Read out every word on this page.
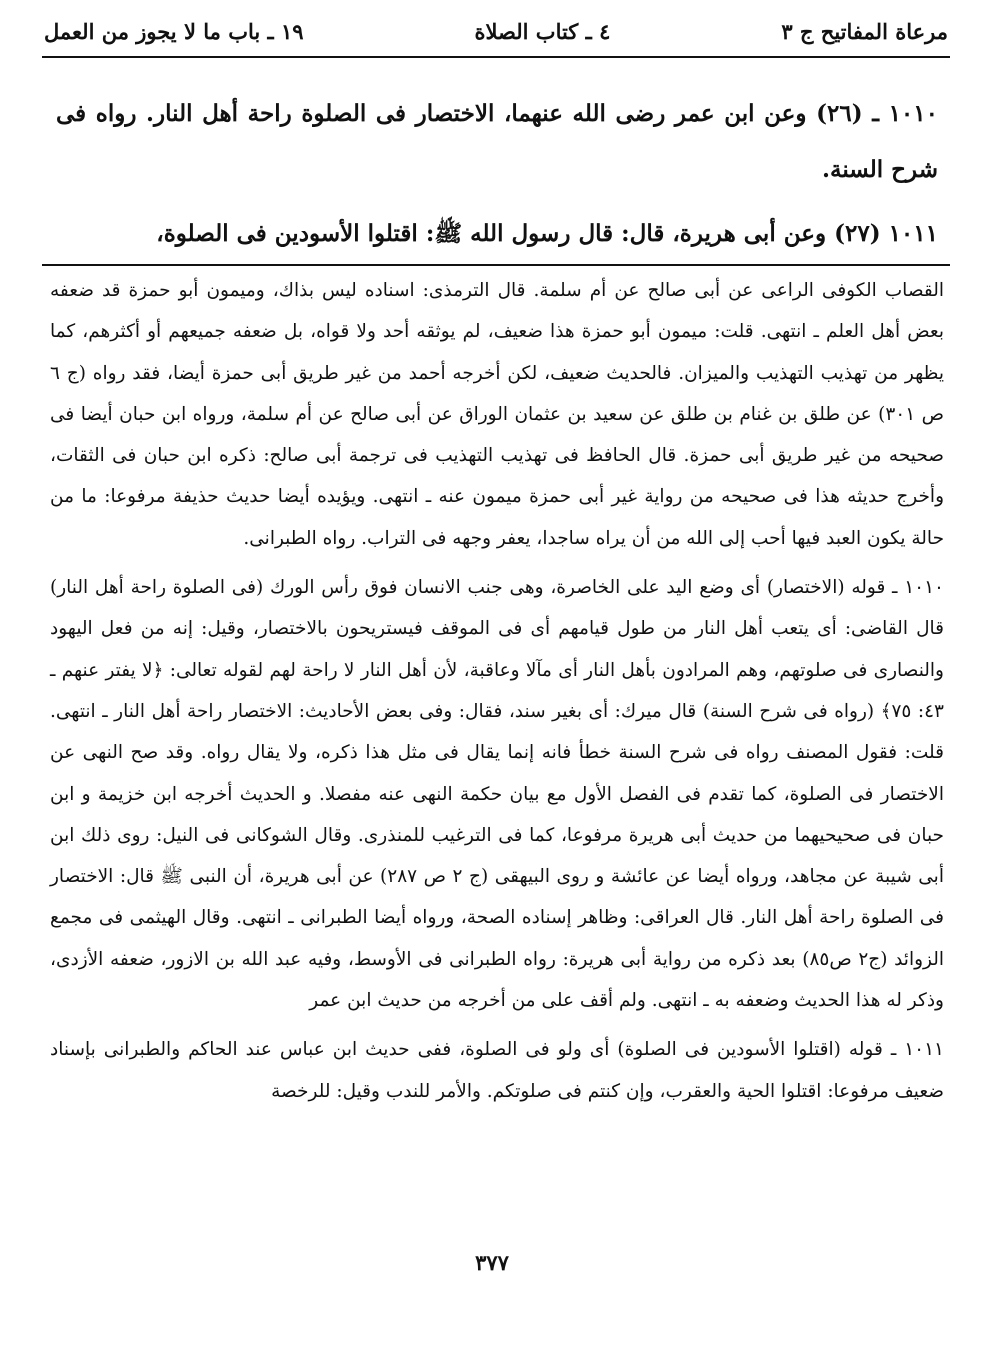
مرعاة المفاتيح ج ٣
٤ ـ كتاب الصلاة
١٩ ـ باب ما لا يجوز من العمل
١٠١٠ ـ (٢٦) وعن ابن عمر رضى الله عنهما، الاختصار فى الصلوة راحة أهل النار. رواه فى شرح السنة.
١٠١١ (٢٧) وعن أبى هريرة، قال: قال رسول الله ﷺ: اقتلوا الأسودين فى الصلوة،

القصاب الكوفى الراعى عن أبى صالح عن أم سلمة. قال الترمذى: اسناده ليس بذاك، وميمون أبو حمزة قد ضعفه بعض أهل العلم ـ انتهى. قلت: ميمون أبو حمزة هذا ضعيف، لم يوثقه أحد ولا قواه، بل ضعفه جميعهم أو أكثرهم، كما يظهر من تهذيب التهذيب والميزان. فالحديث ضعيف، لكن أخرجه أحمد من غير طريق أبى حمزة أيضا، فقد رواه (ج ٦ ص ٣٠١) عن طلق بن غنام بن طلق عن سعيد بن عثمان الوراق عن أبى صالح عن أم سلمة، ورواه ابن حبان أيضا فى صحيحه من غير طريق أبى حمزة. قال الحافظ فى تهذيب التهذيب فى ترجمة أبى صالح: ذكره ابن حبان فى الثقات، وأخرج حديثه هذا فى صحيحه من رواية غير أبى حمزة ميمون عنه ـ انتهى. ويؤيده أيضا حديث حذيفة مرفوعا: ما من حالة يكون العبد فيها أحب إلى الله من أن يراه ساجدا، يعفر وجهه فى التراب. رواه الطبرانى.

١٠١٠ ـ قوله (الاختصار) أى وضع اليد على الخاصرة، وهى جنب الانسان فوق رأس الورك (فى الصلوة راحة أهل النار) قال القاضى: أى يتعب أهل النار من طول قيامهم أى فى الموقف فيستريحون بالاختصار، وقيل: إنه من فعل اليهود والنصارى فى صلوتهم، وهم المرادون بأهل النار أى مآلا وعاقبة، لأن أهل النار لا راحة لهم لقوله تعالى: ﴿لا يفتر عنهم ـ ٤٣: ٧٥﴾ (رواه فى شرح السنة) قال ميرك: أى بغير سند، فقال: وفى بعض الأحاديث: الاختصار راحة أهل النار ـ انتهى. قلت: فقول المصنف رواه فى شرح السنة خطأ فانه إنما يقال فى مثل هذا ذكره، ولا يقال رواه. وقد صح النهى عن الاختصار فى الصلوة، كما تقدم فى الفصل الأول مع بيان حكمة النهى عنه مفصلا. و الحديث أخرجه ابن خزيمة و ابن حبان فى صحيحيهما من حديث أبى هريرة مرفوعا، كما فى الترغيب للمنذرى. وقال الشوكانى فى النيل: روى ذلك ابن أبى شيبة عن مجاهد، ورواه أيضا عن عائشة و روى البيهقى (ج ٢ ص ٢٨٧) عن أبى هريرة، أن النبى ﷺ قال: الاختصار فى الصلوة راحة أهل النار. قال العراقى: وظاهر إسناده الصحة، ورواه أيضا الطبرانى ـ انتهى. وقال الهيثمى فى مجمع الزوائد (ج٢ ص٨٥) بعد ذكره من رواية أبى هريرة: رواه الطبرانى فى الأوسط، وفيه عبد الله بن الازور، ضعفه الأزدى، وذكر له هذا الحديث وضعفه به ـ انتهى. ولم أقف على من أخرجه من حديث ابن عمر

١٠١١ ـ قوله (اقتلوا الأسودين فى الصلوة) أى ولو فى الصلوة، ففى حديث ابن عباس عند الحاكم والطبرانى بإسناد ضعيف مرفوعا: اقتلوا الحية والعقرب، وإن كنتم فى صلوتكم. والأمر للندب وقيل: للرخصة

٣٧٧
